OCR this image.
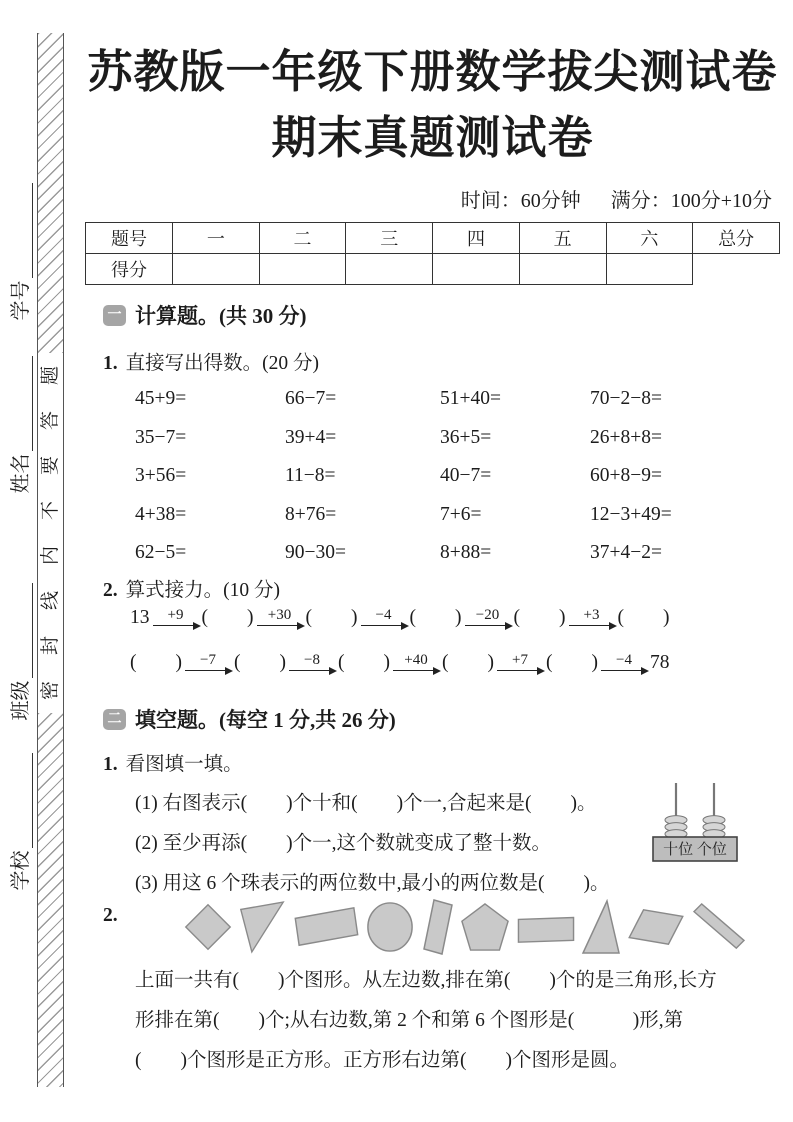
题
答
要
不
内
线
封
密
学号
姓名
班级
学校
苏教版一年级下册数学拔尖测试卷
期末真题测试卷
时间：60分钟 满分：100分+10分
题号	一	二	三	四	五	六	总分
得分							
一 计算题。(共 30 分)
1. 直接写出得数。(20 分)
45+9=	66−7=	51+40=	70−2−8=
35−7=	39+4=	36+5=	26+8+8=
3+56=	11−8=	40−7=	60+8−9=
4+38=	8+76=	7+6=	12−3+49=
62−5=	90−30=	8+88=	37+4−2=
2. 算式接力。(10 分)
13 +9 (　　) +30 (　　) −4 (　　) −20 (　　) +3 (　　)
(　　) −7 (　　) −8 (　　) +40 (　　) +7 (　　) −4 78
二 填空题。(每空 1 分,共 26 分)
1. 看图填一填。
(1) 右图表示(　　)个十和(　　)个一,合起来是(　　)。
(2) 至少再添(　　)个一,这个数就变成了整十数。
(3) 用这 6 个珠表示的两位数中,最小的两位数是(　　)。
十位 个位
2.
上面一共有(　　)个图形。从左边数,排在第(　　)个的是三角形,长方
形排在第(　　)个;从右边数,第 2 个和第 6 个图形是(　　　)形,第
(　　)个图形是正方形。正方形右边第(　　)个图形是圆。
